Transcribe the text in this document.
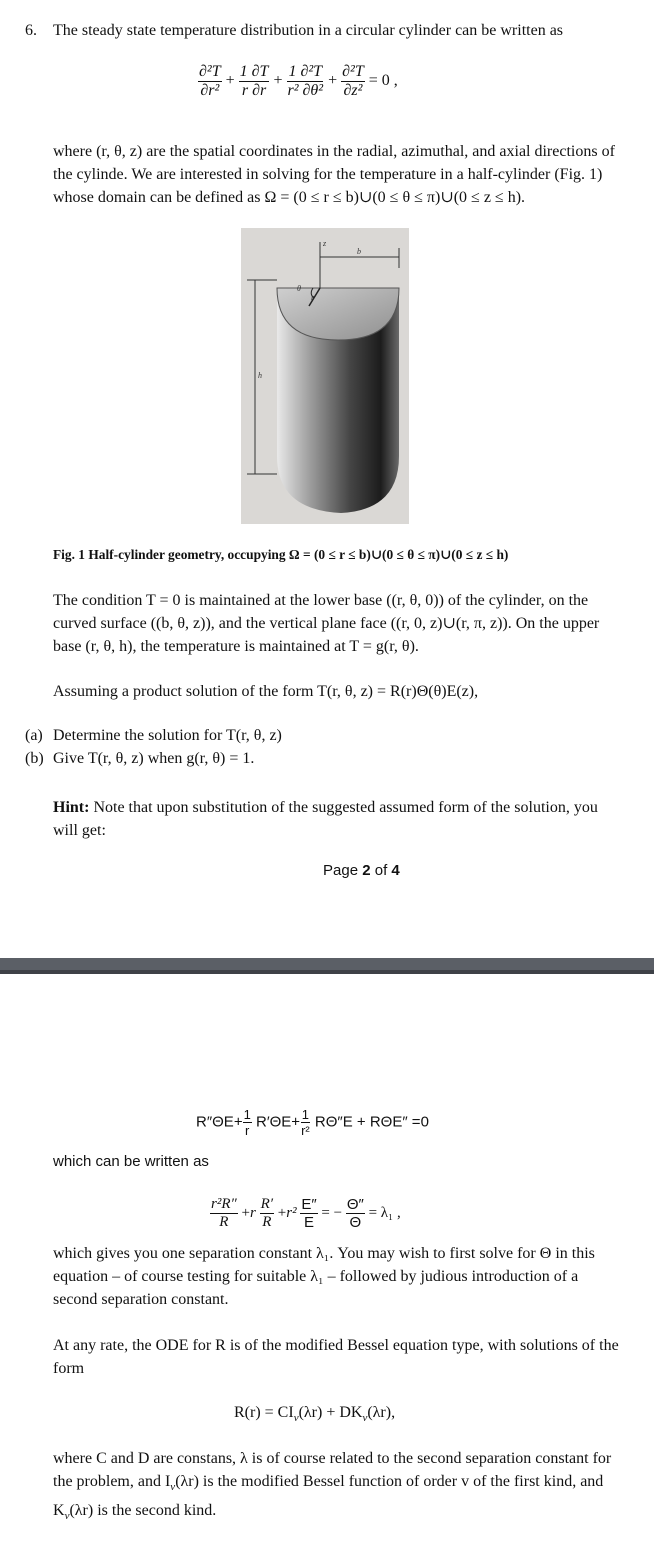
6. The steady state temperature distribution in a circular cylinder can be written as
$\frac{\text{∂²T}}{\text{∂r²}} + \frac{1 \partial T}{r \partial r} + \frac{\text{1 ∂²T}}{\text{r² ∂θ²}} + \frac{\text{∂²T}}{\text{∂z²}} = 0$ ,
where (r, θ, z) are the spatial coordinates in the radial, azimuthal, and axial directions of the cylinde. We are interested in solving for the temperature in a half-cylinder (Fig. 1) whose domain can be defined as Ω = (0 ≤ r ≤ b)∪(0 ≤ θ ≤ π)∪(0 ≤ z ≤ h).
z
b
θ
r
h
Fig. 1 Half-cylinder geometry, occupying Ω = (0 ≤ r ≤ b)∪(0 ≤ θ ≤ π)∪(0 ≤ z ≤ h)
The condition T = 0 is maintained at the lower base ((r, θ, 0)) of the cylinder, on the curved surface ((b, θ, z)), and the vertical plane face ((r, 0, z)∪(r, π, z)). On the upper base (r, θ, h), the temperature is maintained at T = g(r, θ).
Assuming a product solution of the form T(r, θ, z) = R(r)Θ(θ)E(z),
(a) Determine the solution for T(r, θ, z)
(b) Give T(r, θ, z) when g(r, θ) = 1.
Hint: Note that upon substitution of the suggested assumed form of the solution, you will get:
Page 2 of 4
$R''\Theta E+ \frac{1}{r} R'\Theta E+ \frac{1}{\text{r²}} R\Theta''E + R\Theta E'' =0$
which can be written as
$\frac{\text{r²R″}}{R} +r \frac{R'}{R} +r^2 \frac{E''}{E}$ = − $\frac{\Theta''}{\Theta} = \lambda_1$ ,
which gives you one separation constant λ₁. You may wish to first solve for Θ in this equation – of course testing for suitable λ₁ – followed by judious introduction of a second separation constant.
At any rate, the ODE for R is of the modified Bessel equation type, with solutions of the form
$R(r) = CI_v(\lambda r) + DK_v(\lambda r)$,
where C and D are constans, λ is of course related to the second separation constant for the problem, and $I_v(\lambda r)$ is the modified Bessel function of order v of the first kind, and $K_v(\lambda r)$ is the second kind.
